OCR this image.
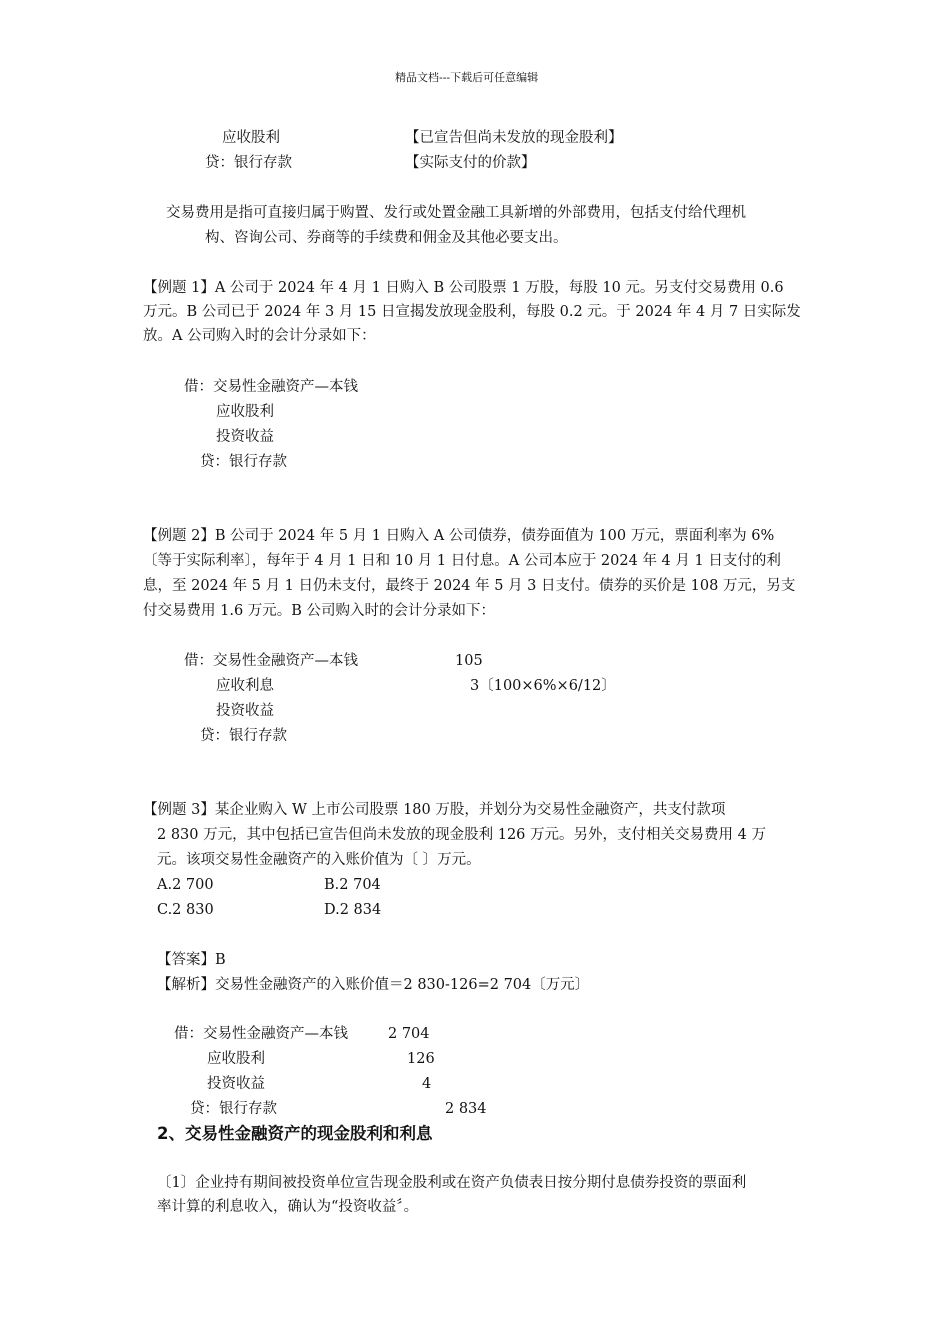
精品文档---下载后可任意编辑
应收股利	【已宣告但尚未发放的现金股利】
贷：银行存款	【实际支付的价款】
交易费用是指可直接归属于购置、发行或处置金融工具新增的外部费用，包括支付给代理机
构、咨询公司、券商等的手续费和佣金及其他必要支出。
【例题 1】A 公司于 2024 年 4 月 1 日购入 B 公司股票 1 万股，每股 10 元。另支付交易费用 0.6
万元。B 公司已于 2024 年 3 月 15 日宣揭发放现金股利，每股 0.2 元。于 2024 年 4 月 7 日实际发
放。A 公司购入时的会计分录如下：
借：交易性金融资产—本钱
应收股利
投资收益
贷：银行存款
【例题 2】B 公司于 2024 年 5 月 1 日购入 A 公司债券，债券面值为 100 万元，票面利率为 6%
〔等于实际利率〕，每年于 4 月 1 日和 10 月 1 日付息。A 公司本应于 2024 年 4 月 1 日支付的利
息，至 2024 年 5 月 1 日仍未支付，最终于 2024 年 5 月 3 日支付。债券的买价是 108 万元，另支
付交易费用 1.6 万元。B 公司购入时的会计分录如下：
借：交易性金融资产—本钱	105
应收利息	3〔100×6%×6/12〕
投资收益
贷：银行存款
【例题 3】某企业购入 W 上市公司股票 180 万股，并划分为交易性金融资产，共支付款项
2 830 万元，其中包括已宣告但尚未发放的现金股利 126 万元。另外，支付相关交易费用 4 万
元。该项交易性金融资产的入账价值为〔 〕万元。
A.2 700	B.2 704
C.2 830	D.2 834
【答案】B
【解析】交易性金融资产的入账价值＝2 830-126=2 704〔万元〕
借：交易性金融资产—本钱	2 704
应收股利	126
投资收益	4
贷：银行存款	2 834
2、交易性金融资产的现金股利和利息
〔1〕企业持有期间被投资单位宣告现金股利或在资产负债表日按分期付息债券投资的票面利
率计算的利息收入，确认为“投资收益〞。
